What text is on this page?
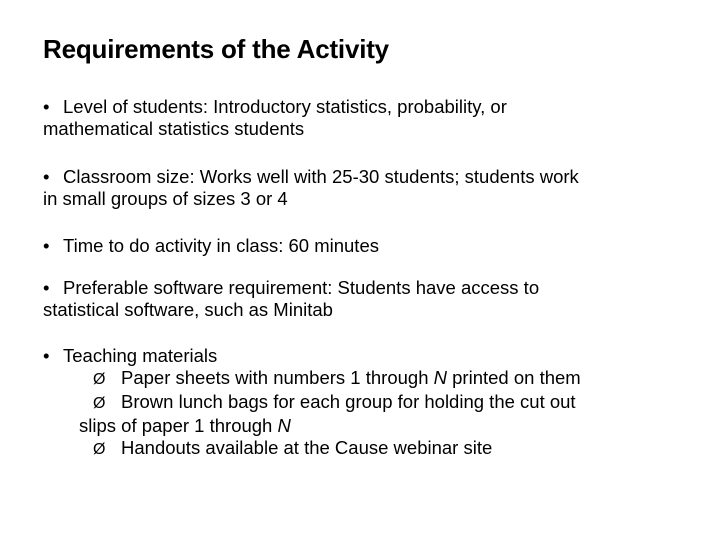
Requirements of the Activity
• Level of students: Introductory statistics, probability, or
mathematical statistics students
• Classroom size: Works well with 25-30 students; students work
in small groups of sizes 3 or 4
• Time to do activity in class: 60 minutes
• Preferable software requirement: Students have access to
statistical software, such as Minitab
• Teaching materials
Ø Paper sheets with numbers 1 through N printed on them
Ø Brown lunch bags for each group for holding the cut out
slips of paper 1 through N
Ø Handouts available at the Cause webinar site
